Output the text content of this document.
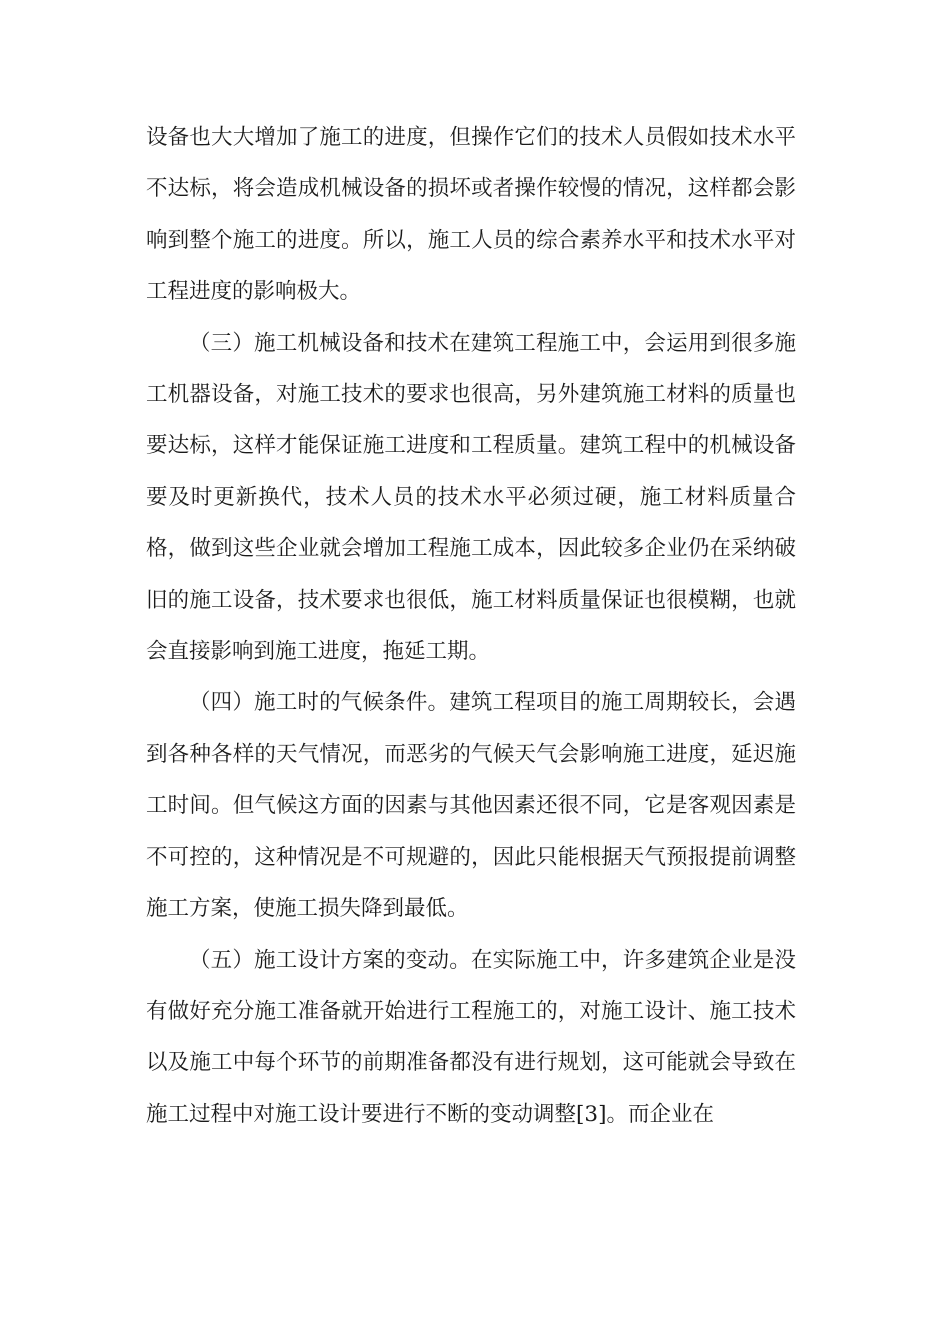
设备也大大增加了施工的进度，但操作它们的技术人员假如技术水平不达标，将会造成机械设备的损坏或者操作较慢的情况，这样都会影响到整个施工的进度。所以，施工人员的综合素养水平和技术水平对工程进度的影响极大。

（三）施工机械设备和技术在建筑工程施工中，会运用到很多施工机器设备，对施工技术的要求也很高，另外建筑施工材料的质量也要达标，这样才能保证施工进度和工程质量。建筑工程中的机械设备要及时更新换代，技术人员的技术水平必须过硬，施工材料质量合格，做到这些企业就会增加工程施工成本，因此较多企业仍在采纳破旧的施工设备，技术要求也很低，施工材料质量保证也很模糊，也就会直接影响到施工进度，拖延工期。

（四）施工时的气候条件。建筑工程项目的施工周期较长，会遇到各种各样的天气情况，而恶劣的气候天气会影响施工进度，延迟施工时间。但气候这方面的因素与其他因素还很不同，它是客观因素是不可控的，这种情况是不可规避的，因此只能根据天气预报提前调整施工方案，使施工损失降到最低。

（五）施工设计方案的变动。在实际施工中，许多建筑企业是没有做好充分施工准备就开始进行工程施工的，对施工设计、施工技术以及施工中每个环节的前期准备都没有进行规划，这可能就会导致在施工过程中对施工设计要进行不断的变动调整[3]。而企业在
